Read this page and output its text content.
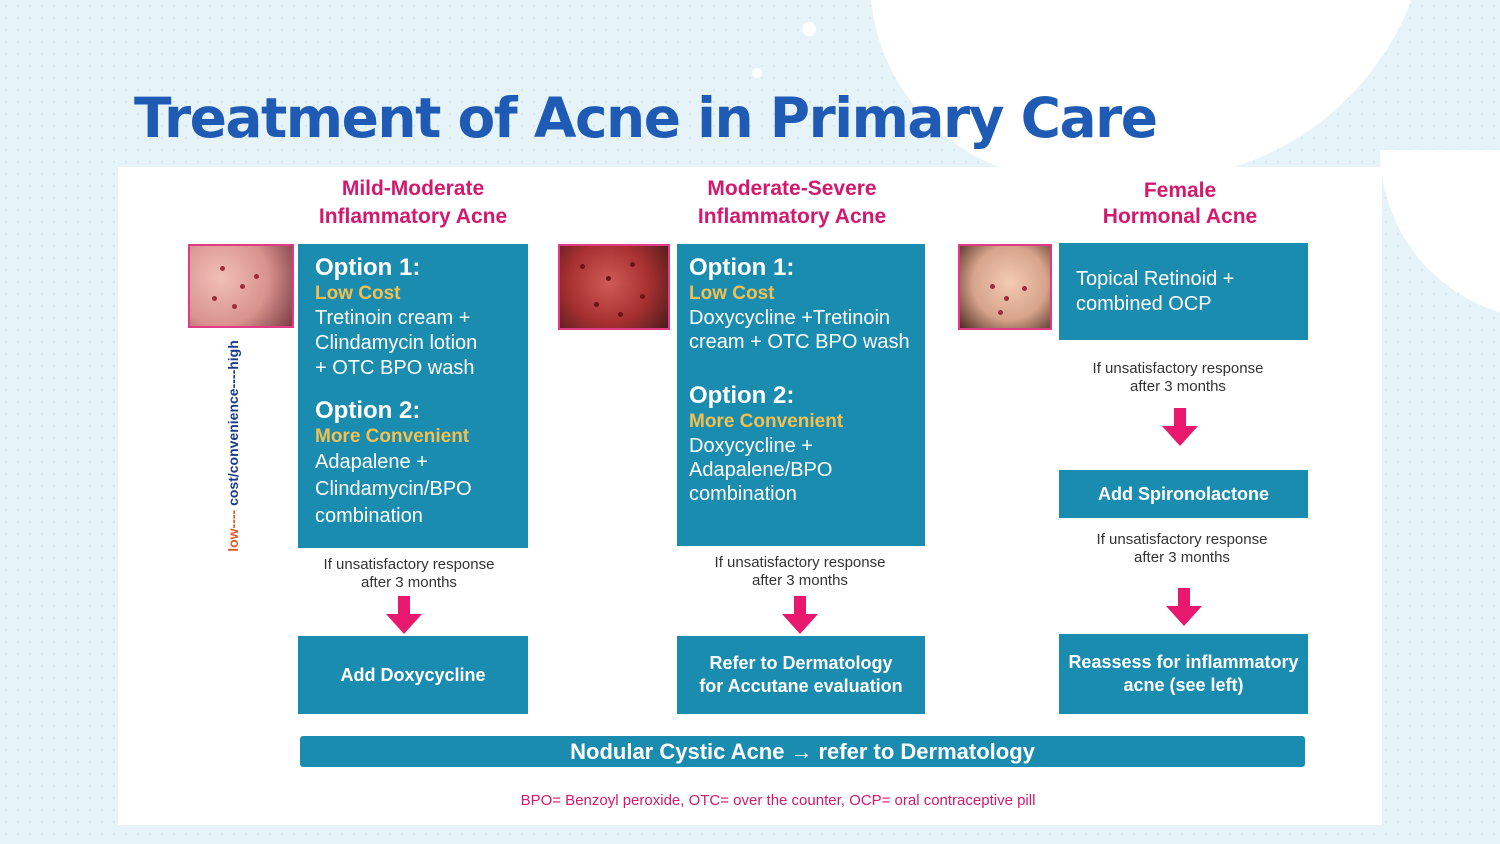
Treatment of Acne in Primary Care
Mild-Moderate
Inflammatory Acne
Option 1:
Low Cost
Tretinoin cream +
Clindamycin lotion
+ OTC BPO wash
Option 2:
More Convenient
Adapalene +
Clindamycin/BPO
combination
If unsatisfactory response
after 3 months
Add Doxycycline
Moderate-Severe
Inflammatory Acne
Option 1:
Low Cost
Doxycycline +Tretinoin
cream + OTC BPO wash
Option 2:
More Convenient
Doxycycline +
Adapalene/BPO
combination
If unsatisfactory response
after 3 months
Refer to Dermatology
for Accutane evaluation
Female
Hormonal Acne
Topical Retinoid +
combined OCP
If unsatisfactory response
after 3 months
Add Spironolactone
If unsatisfactory response
after 3 months
Reassess for inflammatory
acne (see left)
low---- cost/convenience----high
Nodular Cystic Acne → refer to Dermatology
BPO= Benzoyl peroxide, OTC= over the counter, OCP= oral contraceptive pill
